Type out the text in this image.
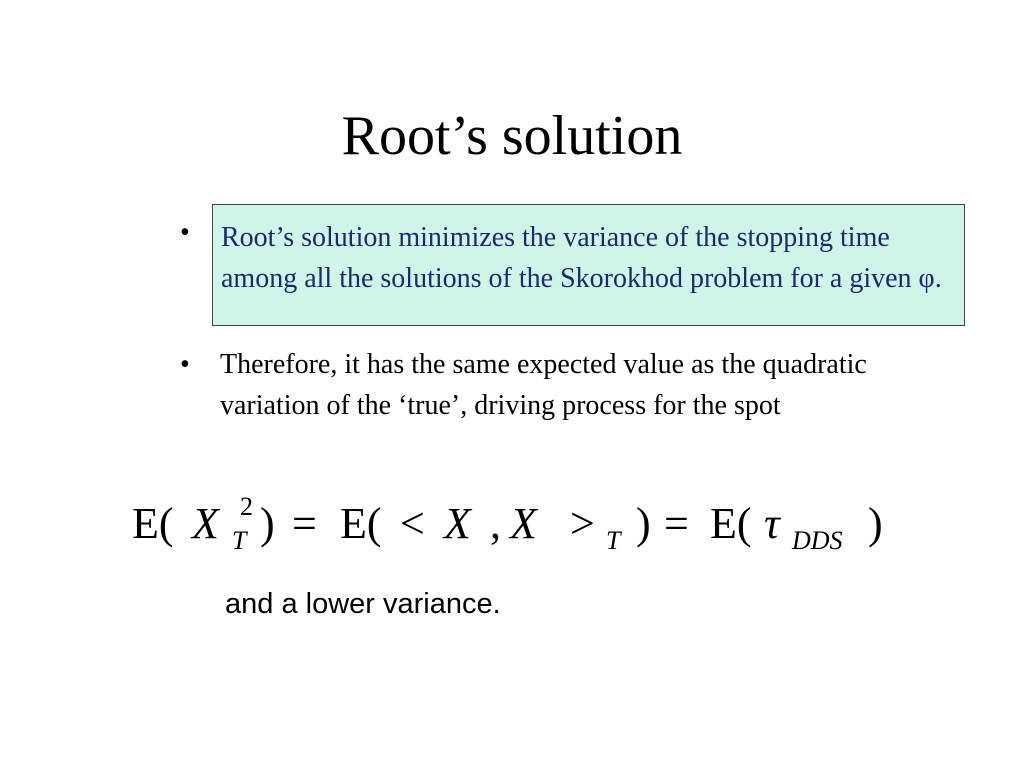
Root’s solution
•	Root’s solution minimizes the variance of the stopping time among all the solutions of the Skorokhod problem for a given φ.
• Therefore, it has the same expected value as the quadratic variation of the ‘true’, driving process for the spot
E( X 2
T ) = E( < X , X > T ) = E( τ DDS )
and a lower variance.
